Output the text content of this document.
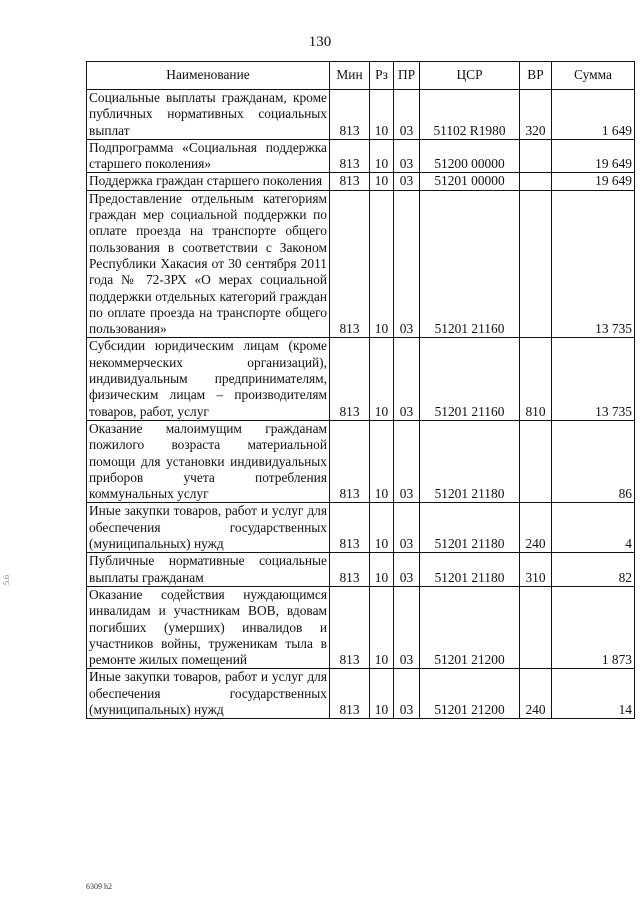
130
Наименование	Мин	Рз	ПР	ЦСР	ВР	Сумма
Социальные выплаты гражданам, кроме публичных нормативных социальных выплат	813	10	03	51102 R1980	320	1 649
Подпрограмма «Социальная поддержка старшего поколения»	813	10	03	51200 00000		19 649
Поддержка граждан старшего поколения	813	10	03	51201 00000		19 649
Предоставление отдельным категориям граждан мер социальной поддержки по оплате проезда на транспорте общего пользования в соответствии с Законом Республики Хакасия от 30 сентября 2011 года № 72-ЗРХ «О мерах социальной поддержки отдельных категорий граждан по оплате проезда на транспорте общего пользования»	813	10	03	51201 21160		13 735
Субсидии юридическим лицам (кроме некоммерческих организаций), индивидуальным предпринимателям, физическим лицам – производителям товаров, работ, услуг	813	10	03	51201 21160	810	13 735
Оказание малоимущим гражданам пожилого возраста материальной помощи для установки индивидуальных приборов учета потребления коммунальных услуг	813	10	03	51201 21180		86
Иные закупки товаров, работ и услуг для обеспечения государственных (муниципальных) нужд	813	10	03	51201 21180	240	4
Публичные нормативные социальные выплаты гражданам	813	10	03	51201 21180	310	82
Оказание содействия нуждающимся инвалидам и участникам ВОВ, вдовам погибших (умерших) инвалидов и участников войны, труженикам тыла в ремонте жилых помещений	813	10	03	51201 21200		1 873
Иные закупки товаров, работ и услуг для обеспечения государственных (муниципальных) нужд	813	10	03	51201 21200	240	14
6309 h2
5.6
